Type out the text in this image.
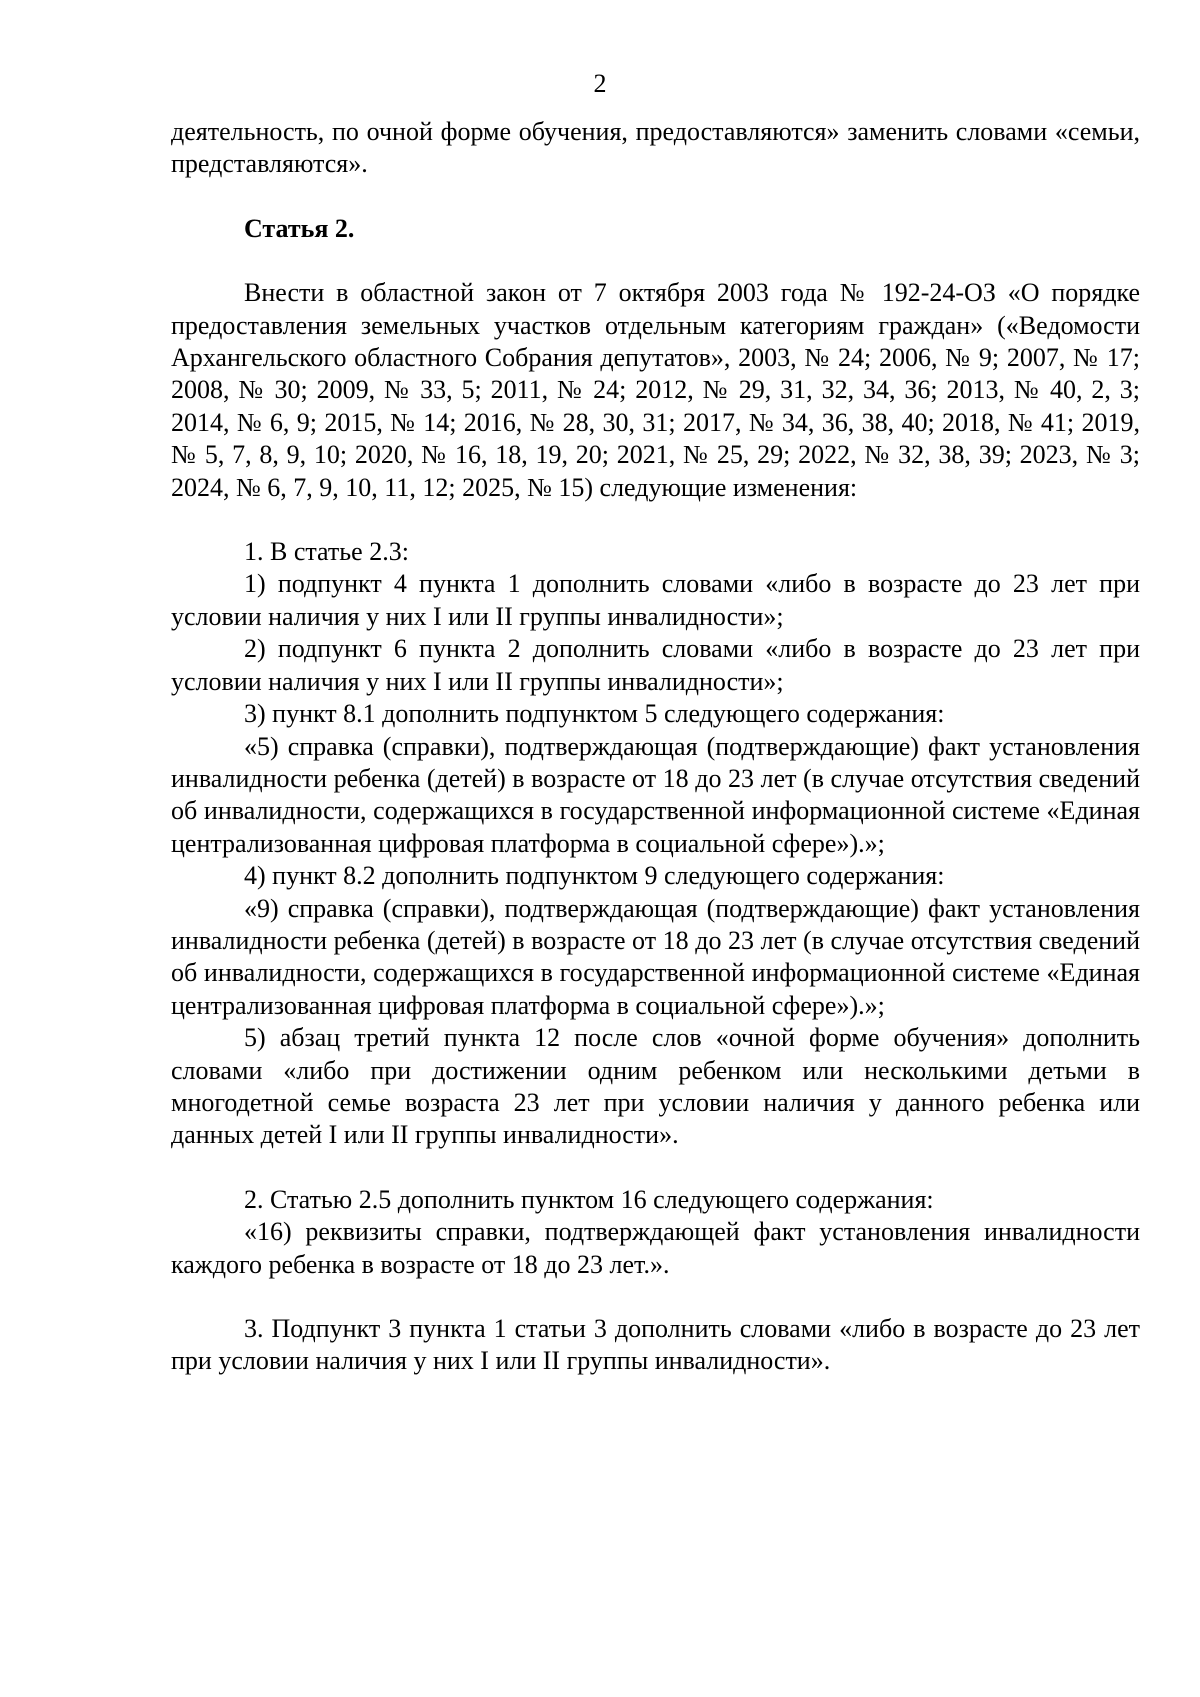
2

деятельность, по очной форме обучения, предоставляются» заменить словами «семьи, представляются».

Статья 2.

Внести в областной закон от 7 октября 2003 года № 192-24-ОЗ «О порядке предоставления земельных участков отдельным категориям граждан» («Ведомости Архангельского областного Собрания депутатов», 2003, № 24; 2006, № 9; 2007, № 17; 2008, № 30; 2009, № 33, 5; 2011, № 24; 2012, № 29, 31, 32, 34, 36; 2013, № 40, 2, 3; 2014, № 6, 9; 2015, № 14; 2016, № 28, 30, 31; 2017, № 34, 36, 38, 40; 2018, № 41; 2019, № 5, 7, 8, 9, 10; 2020, № 16, 18, 19, 20; 2021, № 25, 29; 2022, № 32, 38, 39; 2023, № 3; 2024, № 6, 7, 9, 10, 11, 12; 2025, № 15) следующие изменения:

1. В статье 2.3:

1) подпункт 4 пункта 1 дополнить словами «либо в возрасте до 23 лет при условии наличия у них I или II группы инвалидности»;

2) подпункт 6 пункта 2 дополнить словами «либо в возрасте до 23 лет при условии наличия у них I или II группы инвалидности»;

3) пункт 8.1 дополнить подпунктом 5 следующего содержания:

«5) справка (справки), подтверждающая (подтверждающие) факт установления инвалидности ребенка (детей) в возрасте от 18 до 23 лет (в случае отсутствия сведений об инвалидности, содержащихся в государственной информационной системе «Единая централизованная цифровая платформа в социальной сфере»).»;

4) пункт 8.2 дополнить подпунктом 9 следующего содержания:

«9) справка (справки), подтверждающая (подтверждающие) факт установления инвалидности ребенка (детей) в возрасте от 18 до 23 лет (в случае отсутствия сведений об инвалидности, содержащихся в государственной информационной системе «Единая централизованная цифровая платформа в социальной сфере»).»;

5) абзац третий пункта 12 после слов «очной форме обучения» дополнить словами «либо при достижении одним ребенком или несколькими детьми в многодетной семье возраста 23 лет при условии наличия у данного ребенка или данных детей I или II группы инвалидности».

2. Статью 2.5 дополнить пунктом 16 следующего содержания:

«16) реквизиты справки, подтверждающей факт установления инвалидности каждого ребенка в возрасте от 18 до 23 лет.».

3. Подпункт 3 пункта 1 статьи 3 дополнить словами «либо в возрасте до 23 лет при условии наличия у них I или II группы инвалидности».
